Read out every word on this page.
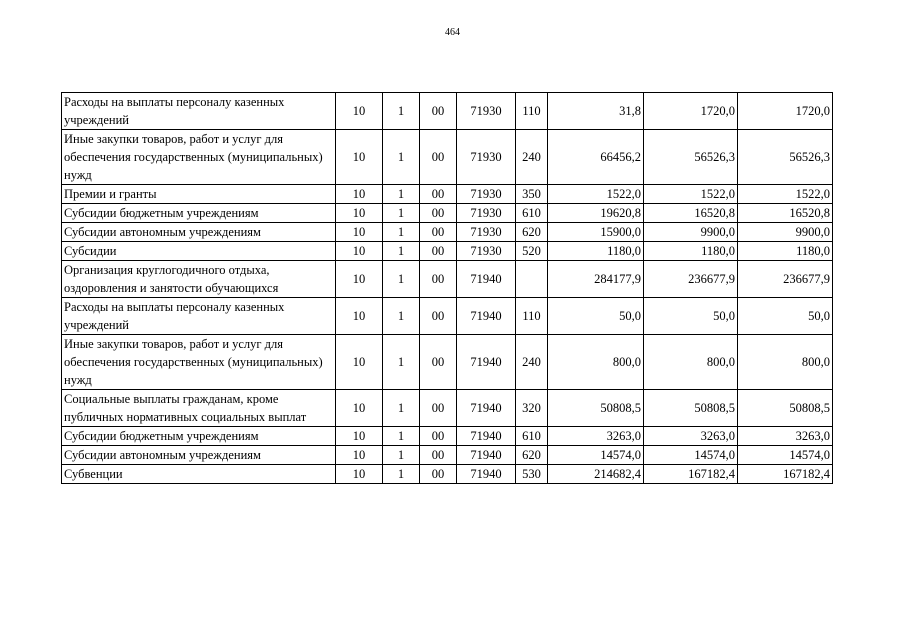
464
Расходы на выплаты персоналу казенных учреждений	10	1	00	71930	110	31,8	1720,0	1720,0
Иные закупки товаров, работ и услуг для обеспечения государственных (муниципальных) нужд	10	1	00	71930	240	66456,2	56526,3	56526,3
Премии и гранты	10	1	00	71930	350	1522,0	1522,0	1522,0
Субсидии бюджетным учреждениям	10	1	00	71930	610	19620,8	16520,8	16520,8
Субсидии автономным учреждениям	10	1	00	71930	620	15900,0	9900,0	9900,0
Субсидии	10	1	00	71930	520	1180,0	1180,0	1180,0
Организация круглогодичного отдыха, оздоровления и занятости обучающихся	10	1	00	71940		284177,9	236677,9	236677,9
Расходы на выплаты персоналу казенных учреждений	10	1	00	71940	110	50,0	50,0	50,0
Иные закупки товаров, работ и услуг для обеспечения государственных (муниципальных) нужд	10	1	00	71940	240	800,0	800,0	800,0
Социальные выплаты гражданам, кроме публичных нормативных социальных выплат	10	1	00	71940	320	50808,5	50808,5	50808,5
Субсидии бюджетным учреждениям	10	1	00	71940	610	3263,0	3263,0	3263,0
Субсидии автономным учреждениям	10	1	00	71940	620	14574,0	14574,0	14574,0
Субвенции	10	1	00	71940	530	214682,4	167182,4	167182,4
